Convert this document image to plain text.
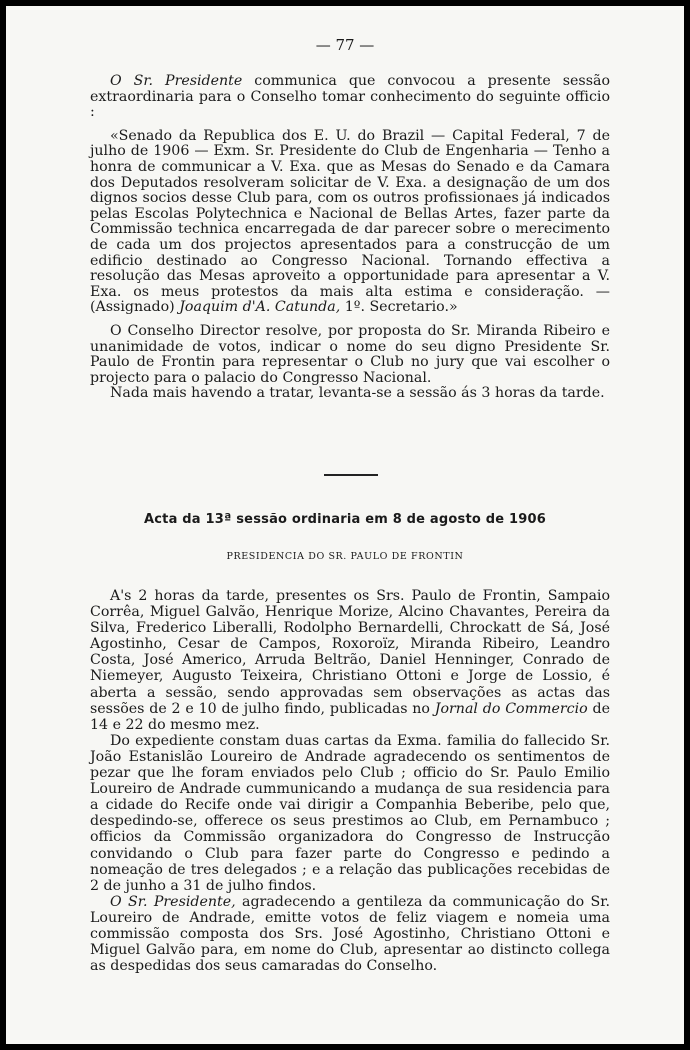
— 77 —

O Sr. Presidente communica que convocou a presente sessão extraordinaria para o Conselho tomar conhecimento do seguinte officio :

«Senado da Republica dos E. U. do Brazil — Capital Federal, 7 de julho de 1906 — Exm. Sr. Presidente do Club de Engenharia — Tenho a honra de communicar a V. Exa. que as Mesas do Senado e da Camara dos Deputados resolveram solicitar de V. Exa. a designação de um dos dignos socios desse Club para, com os outros profissionaes já indicados pelas Escolas Polytechnica e Nacional de Bellas Artes, fazer parte da Commissão technica encarregada de dar parecer sobre o merecimento de cada um dos projectos apresentados para a construcção de um edificio destinado ao Congresso Nacional. Tornando effectiva a resolução das Mesas aproveito a opportunidade para apresentar a V. Exa. os meus protestos da mais alta estima e consideração. — (Assignado) Joaquim d'A. Catunda, 1º. Secretario.»

O Conselho Director resolve, por proposta do Sr. Miranda Ribeiro e unanimidade de votos, indicar o nome do seu digno Presidente Sr. Paulo de Frontin para representar o Club no jury que vai escolher o projecto para o palacio do Congresso Nacional.

Nada mais havendo a tratar, levanta-se a sessão ás 3 horas da tarde.

Acta da 13ª sessão ordinaria em 8 de agosto de 1906
PRESIDENCIA DO SR. PAULO DE FRONTIN

A's 2 horas da tarde, presentes os Srs. Paulo de Frontin, Sampaio Corrêa, Miguel Galvão, Henrique Morize, Alcino Chavantes, Pereira da Silva, Frederico Liberalli, Rodolpho Bernardelli, Chrockatt de Sá, José Agostinho, Cesar de Campos, Roxoroïz, Miranda Ribeiro, Leandro Costa, José Americo, Arruda Beltrão, Daniel Henninger, Conrado de Niemeyer, Augusto Teixeira, Christiano Ottoni e Jorge de Lossio, é aberta a sessão, sendo approvadas sem observações as actas das sessões de 2 e 10 de julho findo, publicadas no Jornal do Commercio de 14 e 22 do mesmo mez.

Do expediente constam duas cartas da Exma. familia do fallecido Sr. João Estanislão Loureiro de Andrade agradecendo os sentimentos de pezar que lhe foram enviados pelo Club ; officio do Sr. Paulo Emilio Loureiro de Andrade cummunicando a mudança de sua residencia para a cidade do Recife onde vai dirigir a Companhia Beberibe, pelo que, despedindo-se, offerece os seus prestimos ao Club, em Pernambuco ; officios da Commissão organizadora do Congresso de Instrucção convidando o Club para fazer parte do Congresso e pedindo a nomeação de tres delegados ; e a relação das publicações recebidas de 2 de junho a 31 de julho findos.

O Sr. Presidente, agradecendo a gentileza da communicação do Sr. Loureiro de Andrade, emitte votos de feliz viagem e nomeia uma commissão composta dos Srs. José Agostinho, Christiano Ottoni e Miguel Galvão para, em nome do Club, apresentar ao distincto collega as despedidas dos seus camaradas do Conselho.
